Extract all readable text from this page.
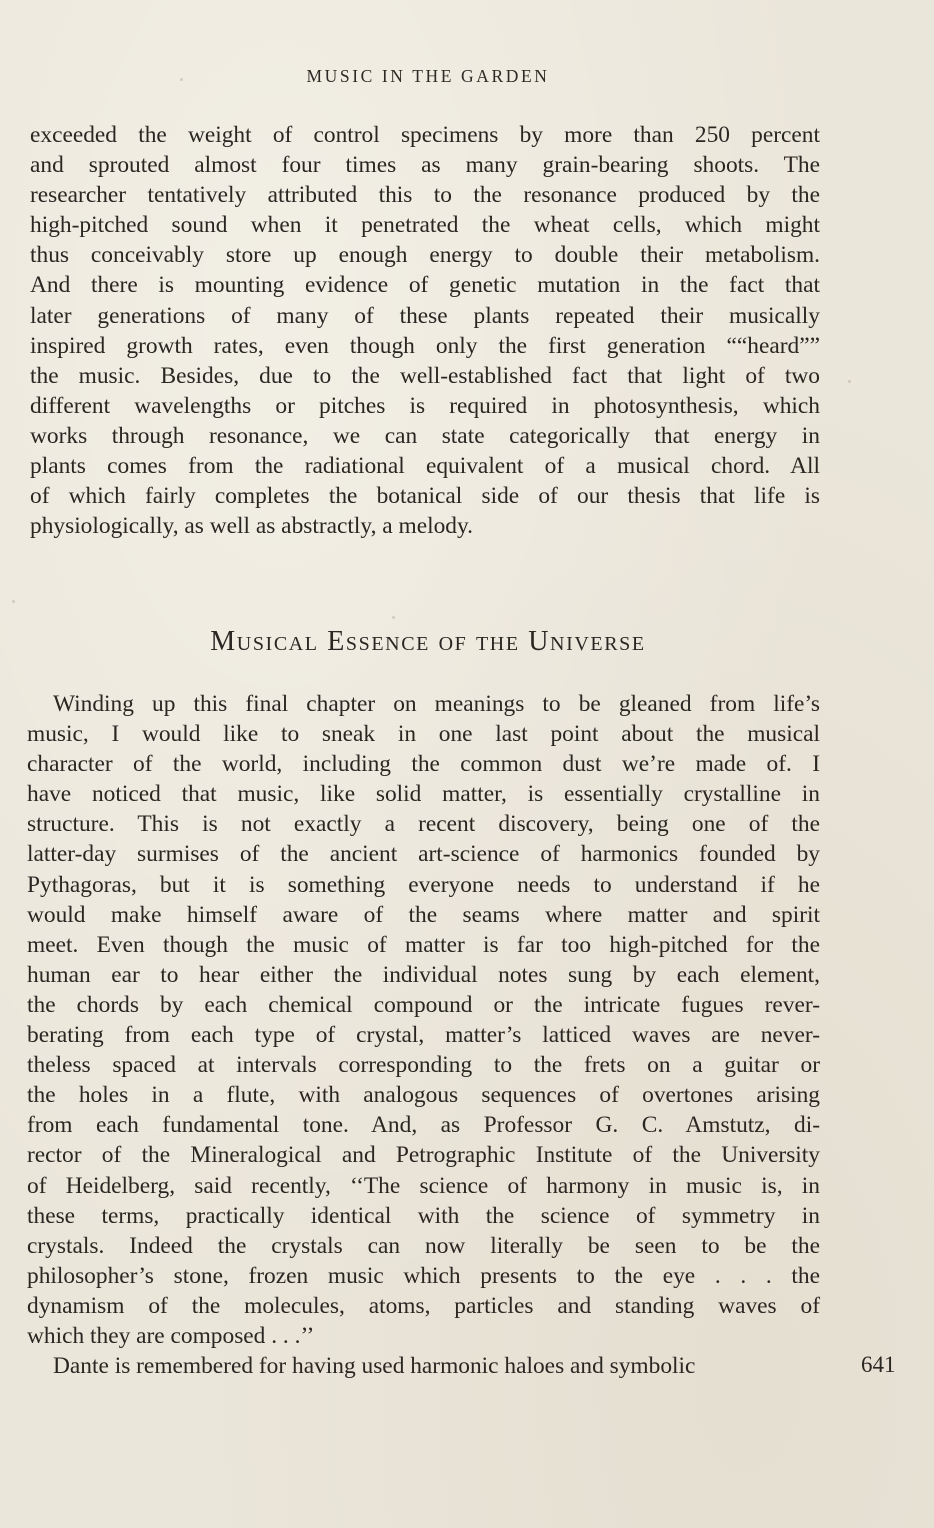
MUSIC IN THE GARDEN
exceeded the weight of control specimens by more than 250 percent
and sprouted almost four times as many grain-bearing shoots. The
researcher tentatively attributed this to the resonance produced by the
high-pitched sound when it penetrated the wheat cells, which might
thus conceivably store up enough energy to double their metabolism.
And there is mounting evidence of genetic mutation in the fact that
later generations of many of these plants repeated their musically
inspired growth rates, even though only the first generation ““heard””
the music. Besides, due to the well-established fact that light of two
different wavelengths or pitches is required in photosynthesis, which
works through resonance, we can state categorically that energy in
plants comes from the radiational equivalent of a musical chord. All
of which fairly completes the botanical side of our thesis that life is
physiologically, as well as abstractly, a melody.
Musical Essence of the Universe
Winding up this final chapter on meanings to be gleaned from life’s
music, I would like to sneak in one last point about the musical
character of the world, including the common dust we’re made of. I
have noticed that music, like solid matter, is essentially crystalline in
structure. This is not exactly a recent discovery, being one of the
latter-day surmises of the ancient art-science of harmonics founded by
Pythagoras, but it is something everyone needs to understand if he
would make himself aware of the seams where matter and spirit
meet. Even though the music of matter is far too high-pitched for the
human ear to hear either the individual notes sung by each element,
the chords by each chemical compound or the intricate fugues rever-
berating from each type of crystal, matter’s latticed waves are never-
theless spaced at intervals corresponding to the frets on a guitar or
the holes in a flute, with analogous sequences of overtones arising
from each fundamental tone. And, as Professor G. C. Amstutz, di-
rector of the Mineralogical and Petrographic Institute of the University
of Heidelberg, said recently, ‘‘The science of harmony in music is, in
these terms, practically identical with the science of symmetry in
crystals. Indeed the crystals can now literally be seen to be the
philosopher’s stone, frozen music which presents to the eye . . . the
dynamism of the molecules, atoms, particles and standing waves of
which they are composed . . .’’
Dante is remembered for having used harmonic haloes and symbolic	641
